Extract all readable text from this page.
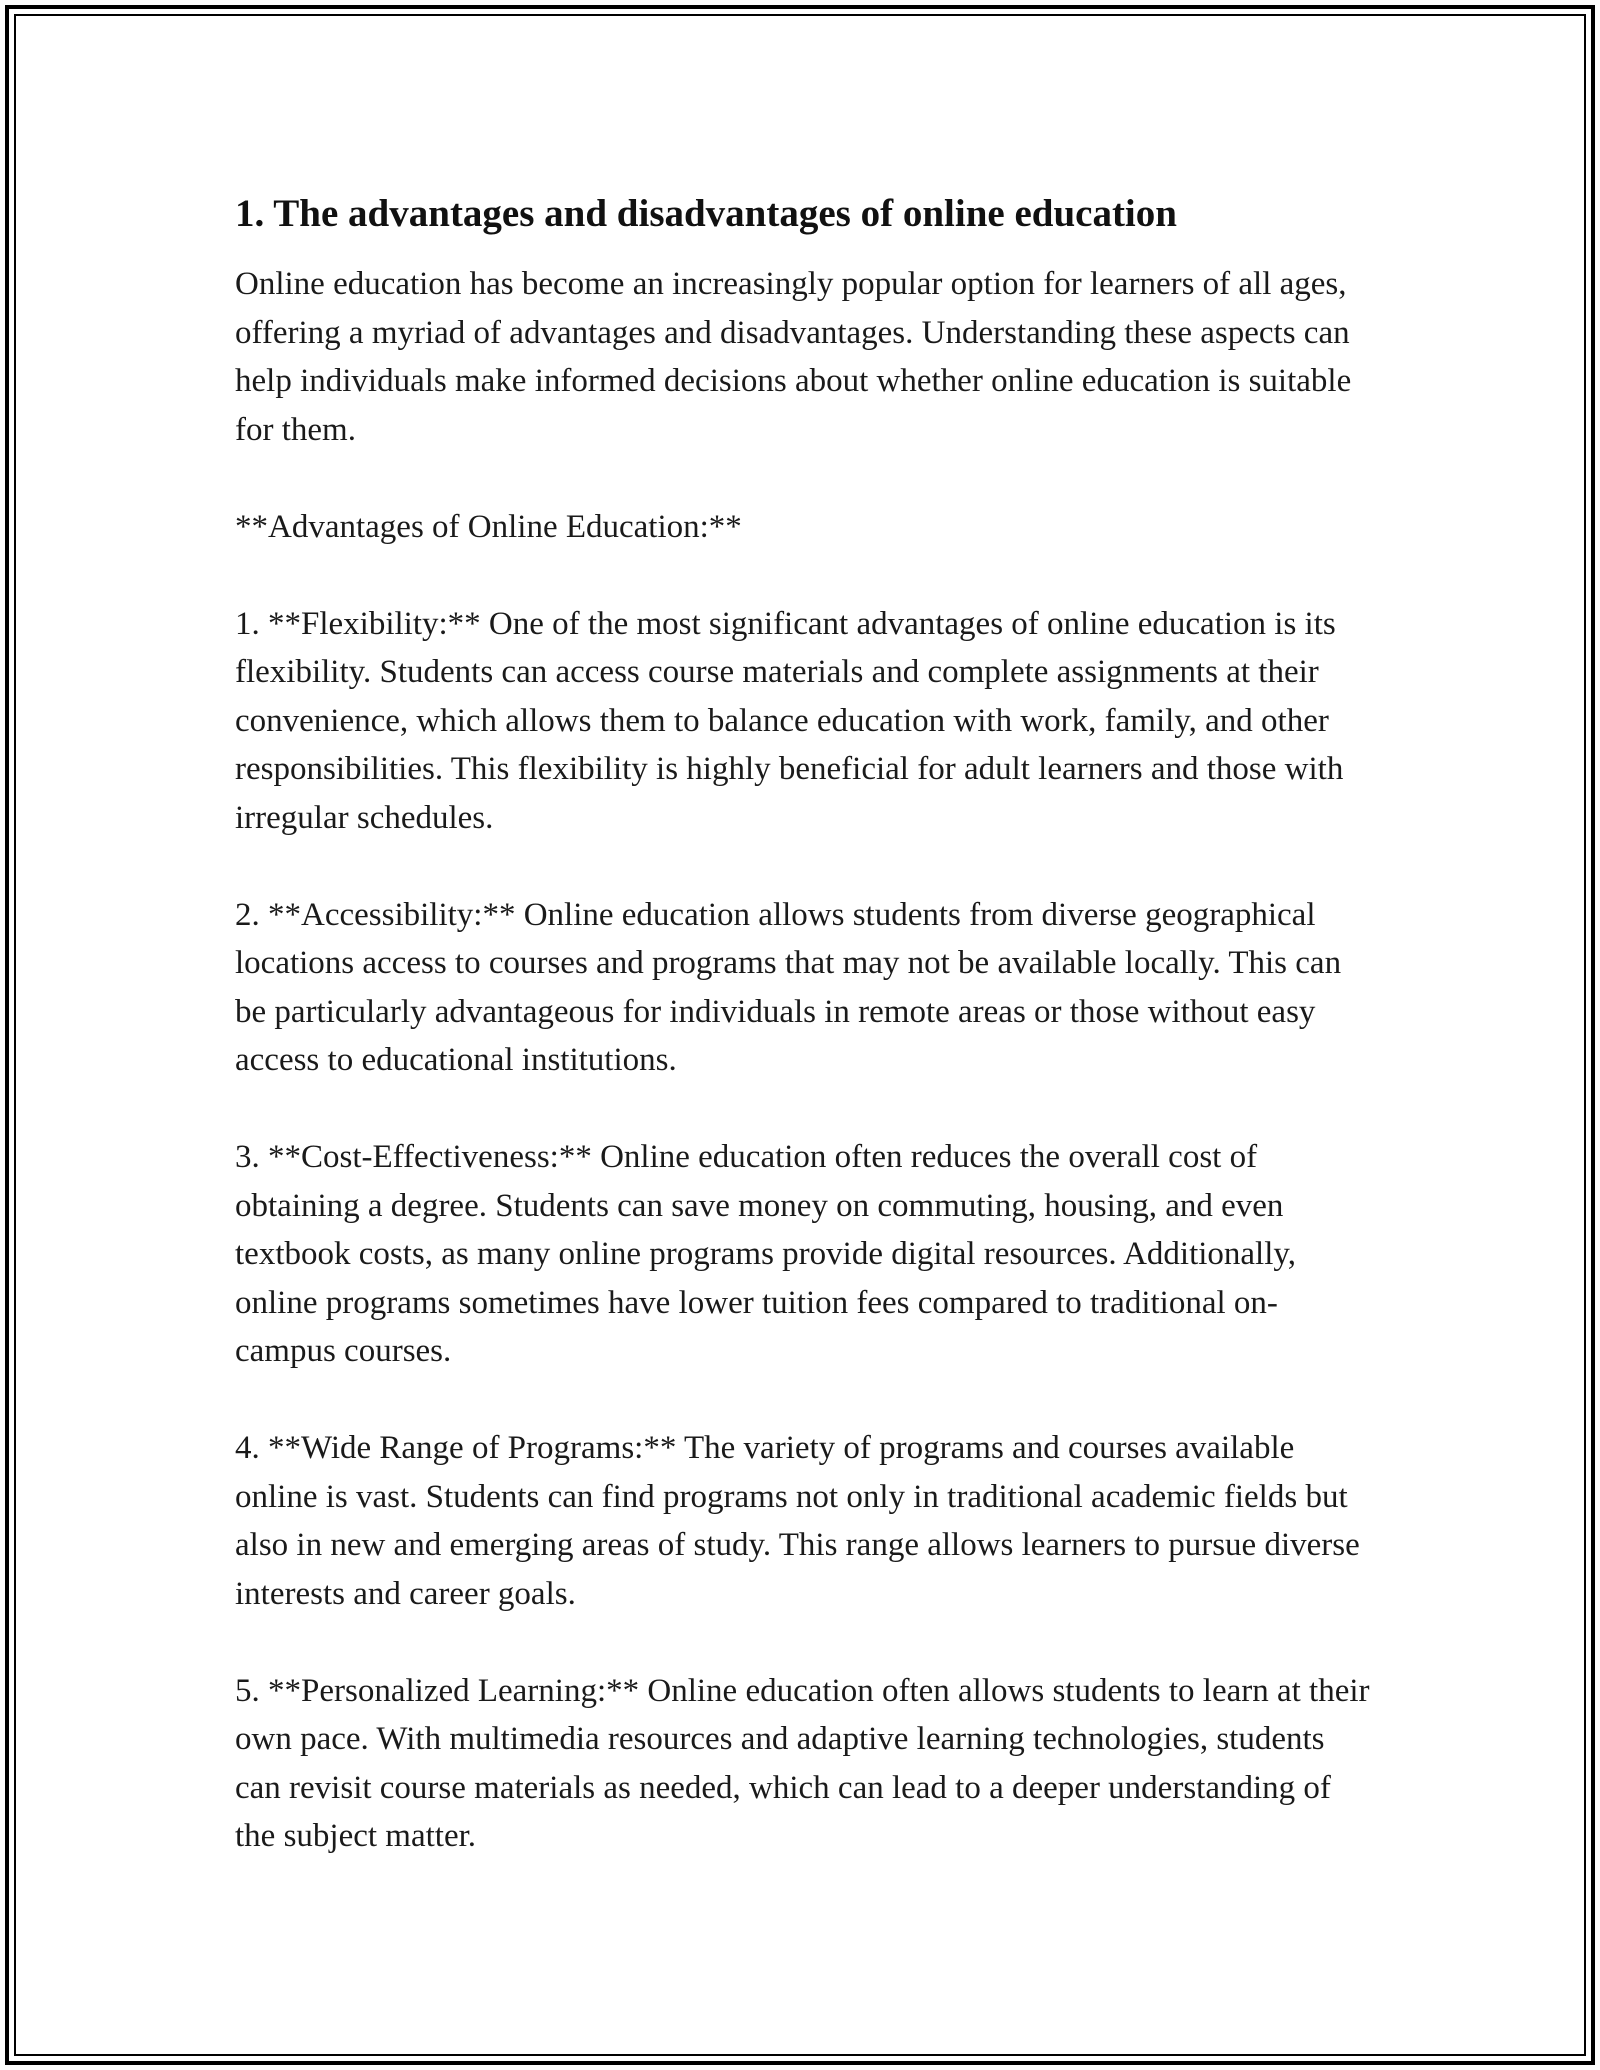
1. The advantages and disadvantages of online education

Online education has become an increasingly popular option for learners of all ages, offering a myriad of advantages and disadvantages. Understanding these aspects can help individuals make informed decisions about whether online education is suitable for them.

**Advantages of Online Education:**

1. **Flexibility:** One of the most significant advantages of online education is its flexibility. Students can access course materials and complete assignments at their convenience, which allows them to balance education with work, family, and other responsibilities. This flexibility is highly beneficial for adult learners and those with irregular schedules.

2. **Accessibility:** Online education allows students from diverse geographical locations access to courses and programs that may not be available locally. This can be particularly advantageous for individuals in remote areas or those without easy access to educational institutions.

3. **Cost-Effectiveness:** Online education often reduces the overall cost of obtaining a degree. Students can save money on commuting, housing, and even textbook costs, as many online programs provide digital resources. Additionally, online programs sometimes have lower tuition fees compared to traditional on-campus courses.

4. **Wide Range of Programs:** The variety of programs and courses available online is vast. Students can find programs not only in traditional academic fields but also in new and emerging areas of study. This range allows learners to pursue diverse interests and career goals.

5. **Personalized Learning:** Online education often allows students to learn at their own pace. With multimedia resources and adaptive learning technologies, students can revisit course materials as needed, which can lead to a deeper understanding of the subject matter.
